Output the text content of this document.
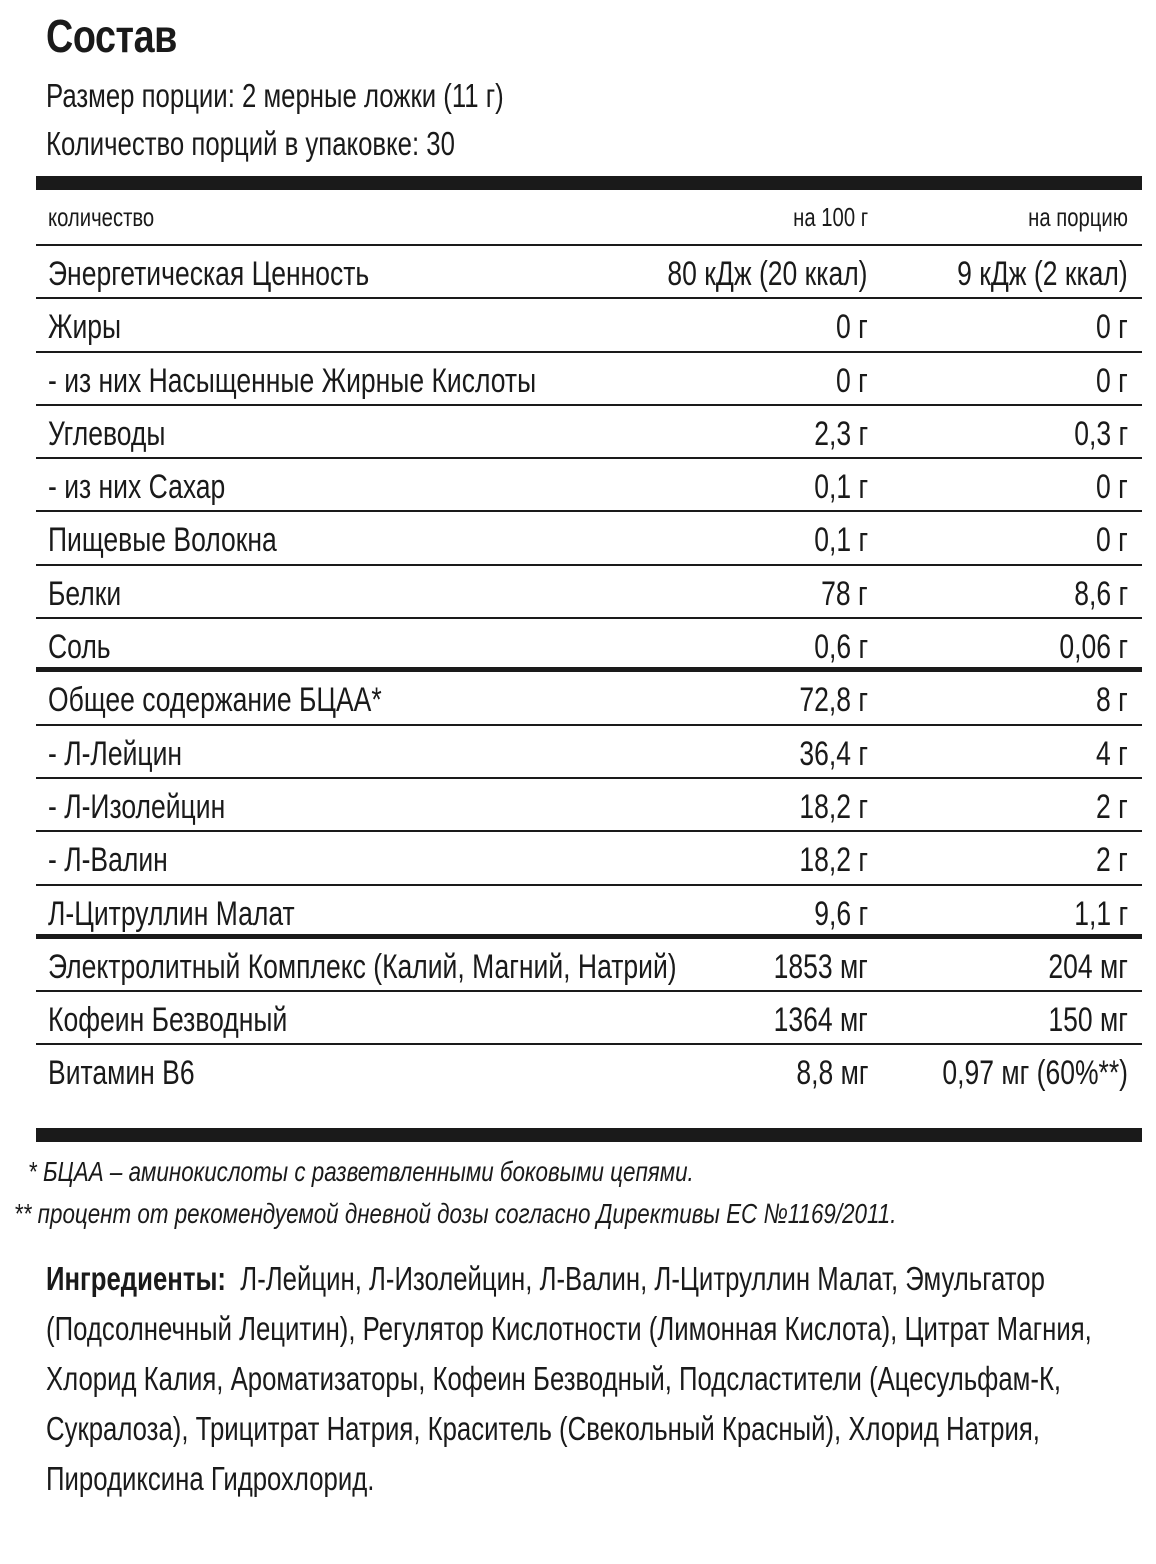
Состав
Размер порции: 2 мерные ложки (11 г)
Количество порций в упаковке: 30
количество	на 100 г	на порцию
Энергетическая Ценность	80 кДж (20 ккал)	9 кДж (2 ккал)
Жиры	0 г	0 г
- из них Насыщенные Жирные Кислоты	0 г	0 г
Углеводы	2,3 г	0,3 г
- из них Сахар	0,1 г	0 г
Пищевые Волокна	0,1 г	0 г
Белки	78 г	8,6 г
Соль	0,6 г	0,06 г
Общее содержание БЦАА*	72,8 г	8 г
- Л-Лейцин	36,4 г	4 г
- Л-Изолейцин	18,2 г	2 г
- Л-Валин	18,2 г	2 г
Л-Цитруллин Малат	9,6 г	1,1 г
Электролитный Комплекс (Калий, Магний, Натрий)	1853 мг	204 мг
Кофеин Безводный	1364 мг	150 мг
Витамин В6	8,8 мг 0,97 мг (60%**)
* БЦАА – аминокислоты с разветвленными боковыми цепями.
** процент от рекомендуемой дневной дозы согласно Директивы ЕС №1169/2011.
Ингредиенты: Л-Лейцин, Л-Изолейцин, Л-Валин, Л-Цитруллин Малат, Эмульгатор (Подсолнечный Лецитин), Регулятор Кислотности (Лимонная Кислота), Цитрат Магния, Хлорид Калия, Ароматизаторы, Кофеин Безводный, Подсластители (Ацесульфам-К, Сукралоза), Трицитрат Натрия, Краситель (Свекольный Красный), Хлорид Натрия, Пиродиксина Гидрохлорид.
